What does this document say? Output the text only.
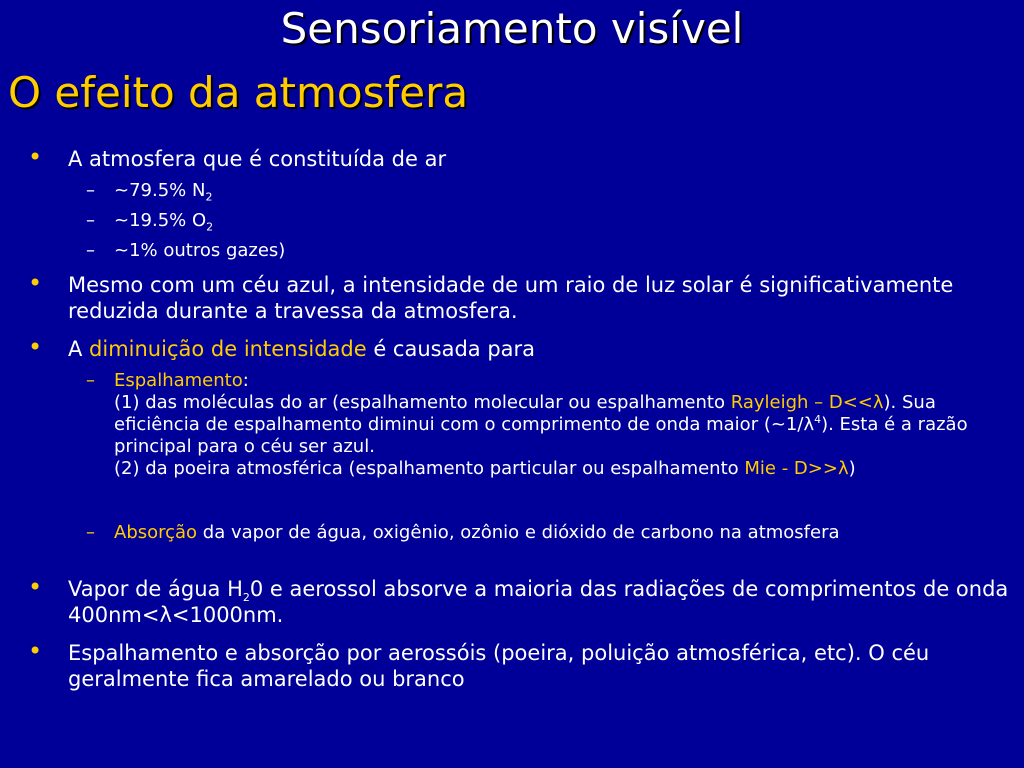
Sensoriamento visível
O efeito da atmosfera
• A atmosfera que é constituída de ar
– ~79.5% $N_2$
– ~19.5% $O_2$
– ~1% outros gazes)
• Mesmo com um céu azul, a intensidade de um raio de luz solar é significativamente reduzida durante a travessa da atmosfera.
• A diminuição de intensidade é causada para
– Espalhamento:
(1) das moléculas do ar (espalhamento molecular ou espalhamento Rayleigh – D<<λ). Sua eficiência de espalhamento diminui com o comprimento de onda maior $(\sim 1/\lambda^4)$. Esta é a razão principal para o céu ser azul.
(2) da poeira atmosférica (espalhamento particular ou espalhamento Mie - D>>λ)
– Absorção da vapor de água, oxigênio, ozônio e dióxido de carbono na atmosfera
• Vapor de água $H_20$ e aerossol absorve a maioria das radiações de comprimentos de onda 400nm<λ<1000nm.
• Espalhamento e absorção por aerossóis (poeira, poluição atmosférica, etc). O céu geralmente fica amarelado ou branco
